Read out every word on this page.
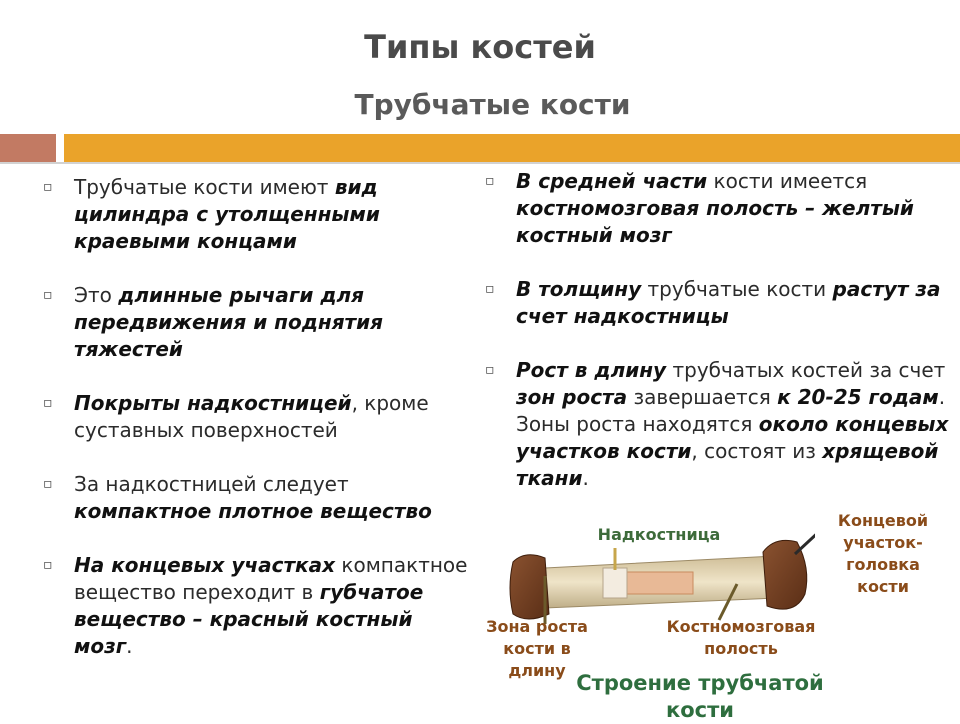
Типы костей
Трубчатые кости
▫ Трубчатые кости имеют вид цилиндра с утолщенными краевыми концами
▫ Это длинные рычаги для передвижения и поднятия тяжестей
▫ Покрыты надкостницей, кроме суставных поверхностей
▫ За надкостницей следует компактное плотное вещество
▫ На концевых участках компактное вещество переходит в губчатое вещество – красный костный мозг.
▫ В средней части кости имеется костномозговая полость – желтый костный мозг
▫ В толщину трубчатые кости растут за счет надкостницы
▫ Рост в длину трубчатых костей за счет зон роста завершается к 20-25 годам. Зоны роста находятся около концевых участков кости, состоят из хрящевой ткани.
Надкостница
Концевой участок-головка кости
Зона роста кости в длину
Костномозговая полость
Строение трубчатой кости
